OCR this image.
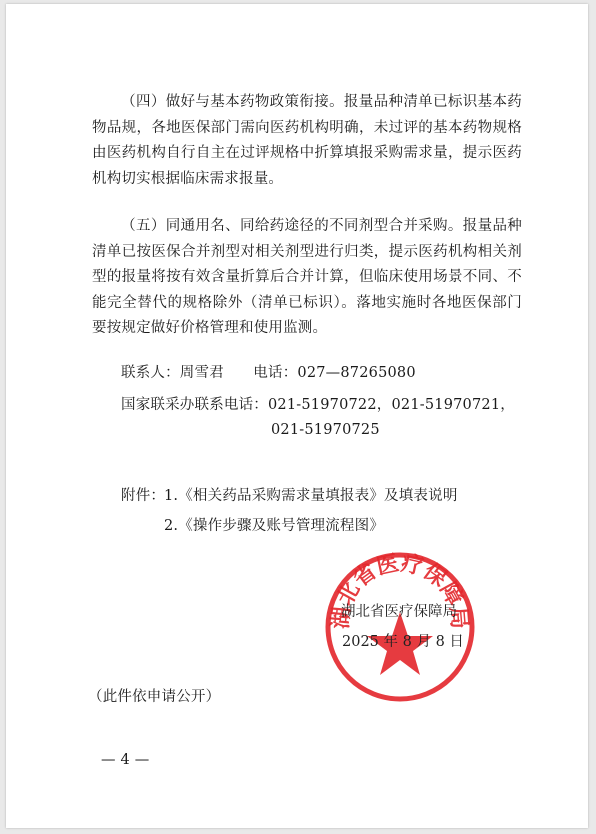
（四）做好与基本药物政策衔接。报量品种清单已标识基本药物品规，各地医保部门需向医药机构明确，未过评的基本药物规格由医药机构自行自主在过评规格中折算填报采购需求量，提示医药机构切实根据临床需求报量。
（五）同通用名、同给药途径的不同剂型合并采购。报量品种清单已按医保合并剂型对相关剂型进行归类，提示医药机构相关剂型的报量将按有效含量折算后合并计算，但临床使用场景不同、不能完全替代的规格除外（清单已标识）。落地实施时各地医保部门要按规定做好价格管理和使用监测。
联系人：周雪君　　电话：027—87265080
国家联采办联系电话：021-51970722，021-51970721，
021-51970725
附件：
1.《相关药品采购需求量填报表》及填表说明
2.《操作步骤及账号管理流程图》
湖北省医疗保障局
湖北省医疗保障局
2025 年 8 月 8 日
（此件依申请公开）
— 4 —
